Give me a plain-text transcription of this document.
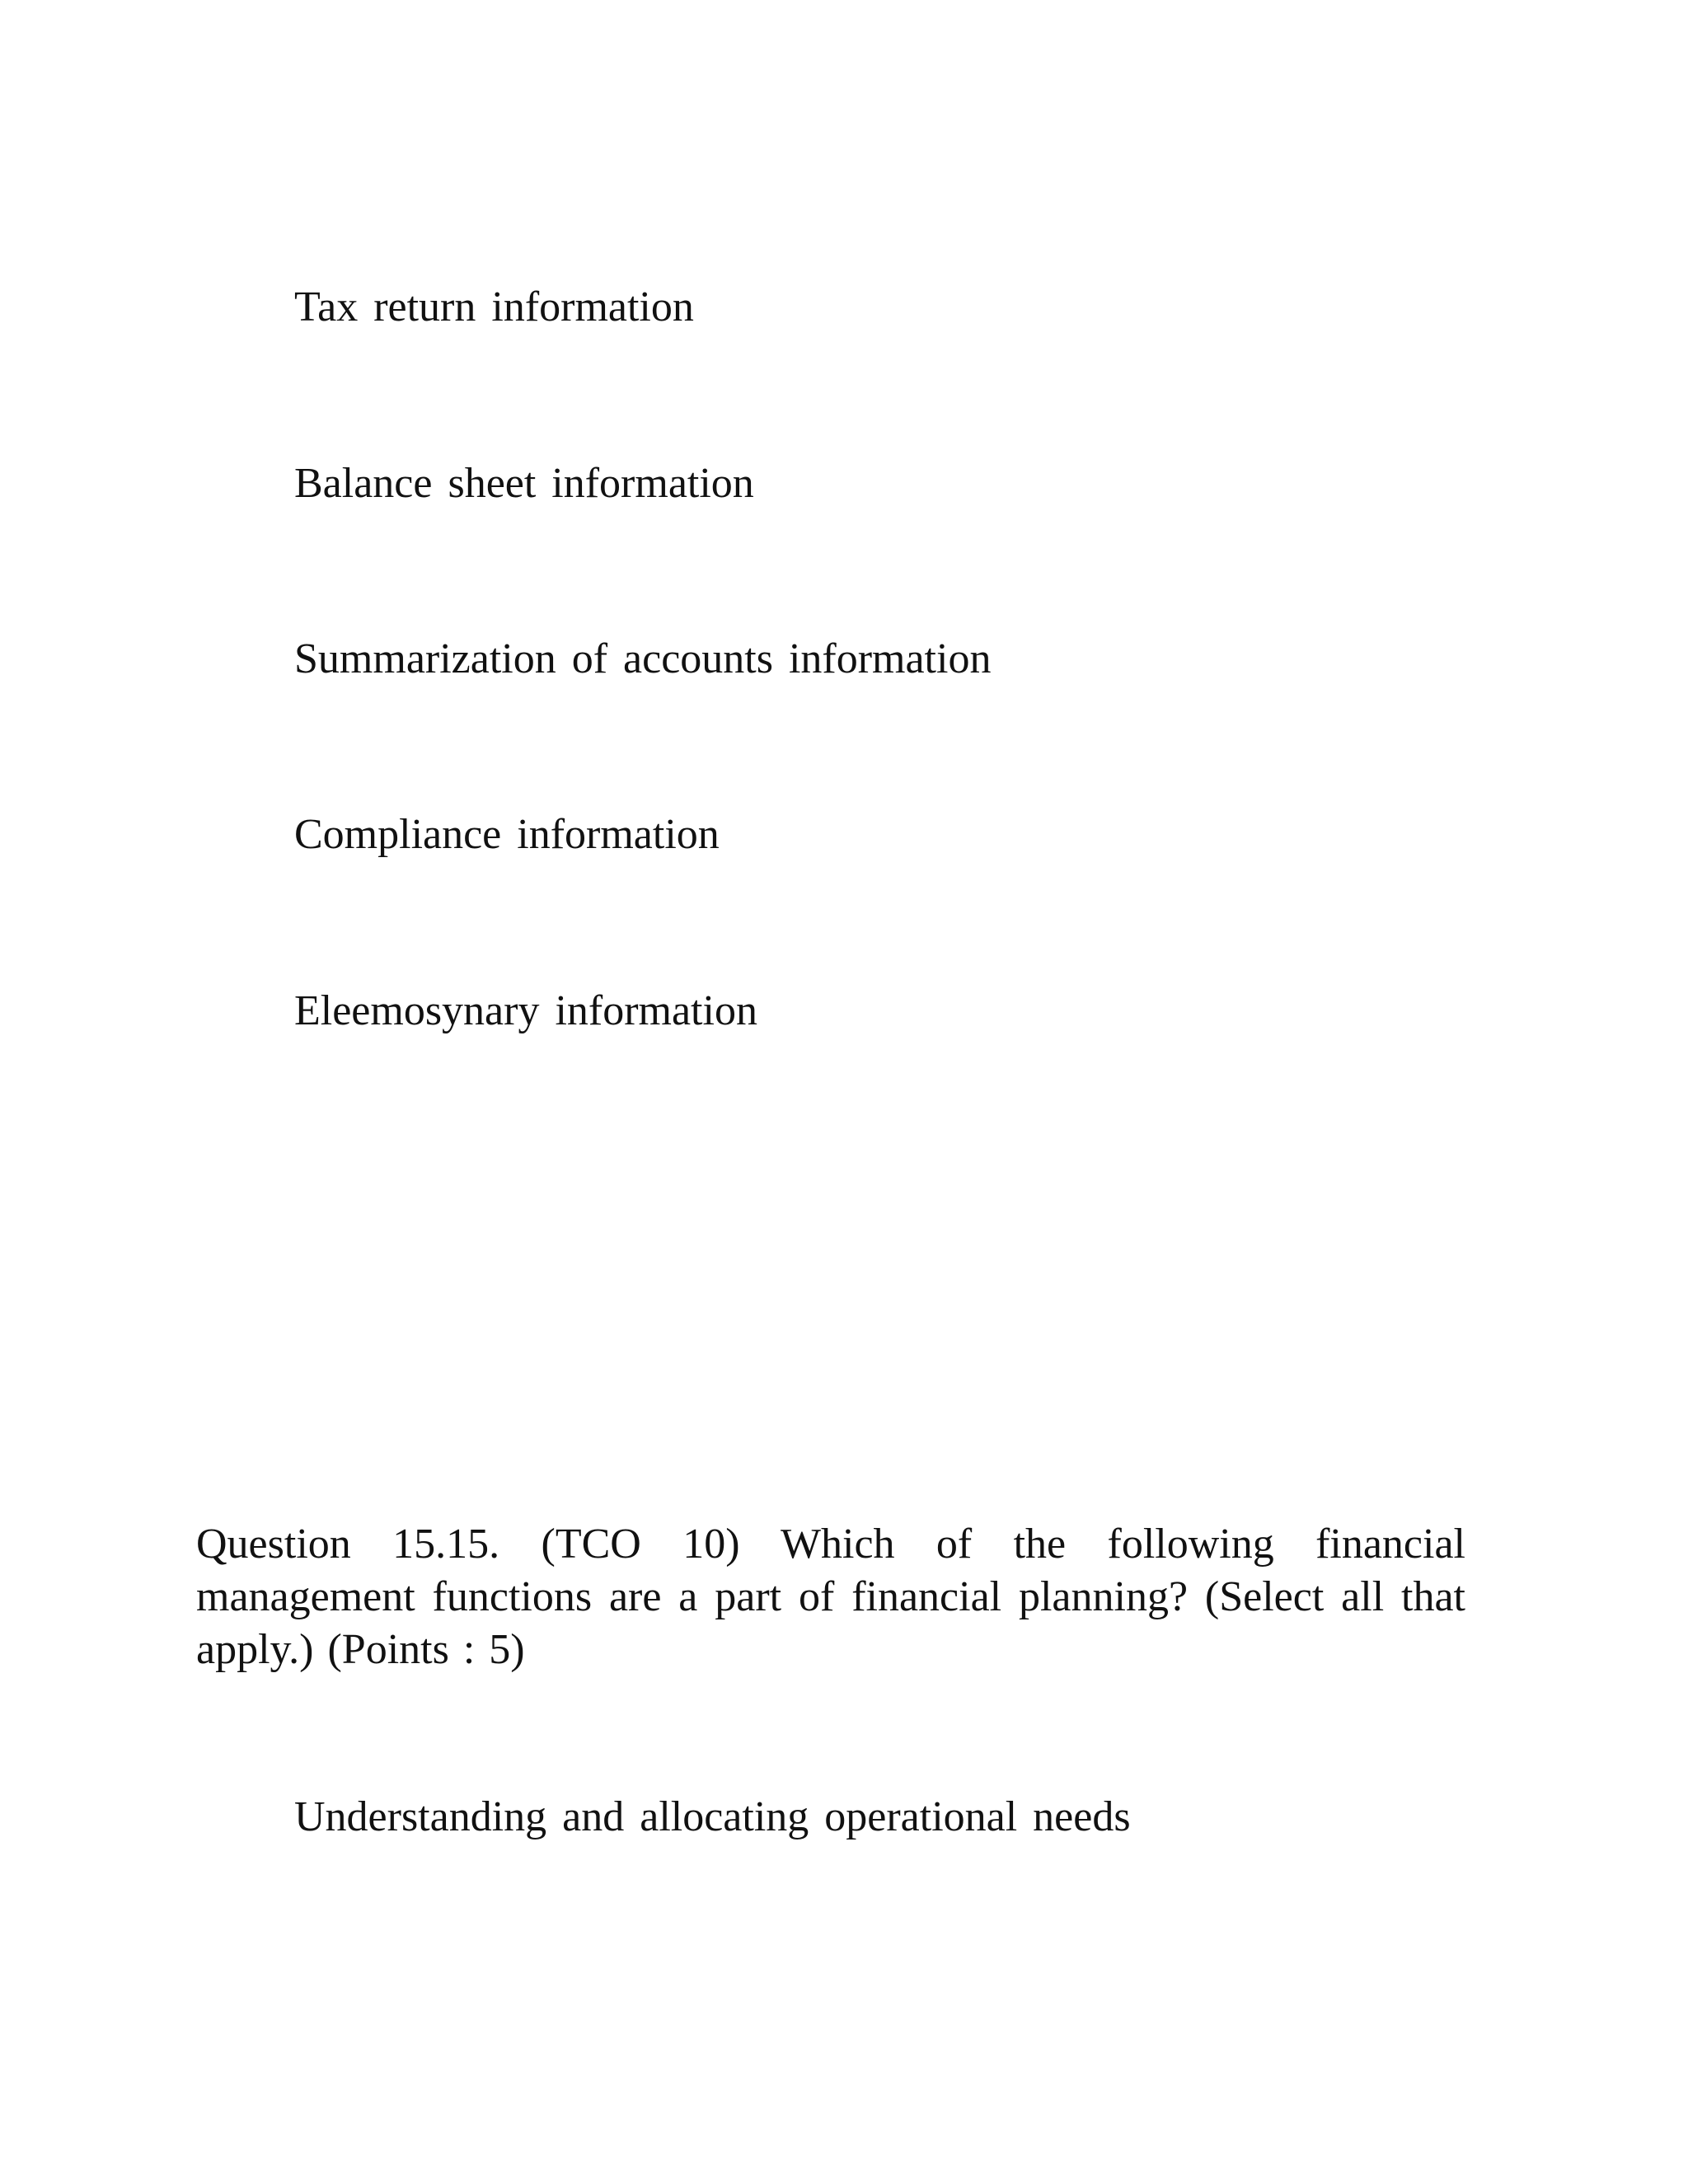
Tax return information
Balance sheet information
Summarization of accounts information
Compliance information
Eleemosynary information
Question 15.15. (TCO 10) Which of the following financial management functions are a part of financial planning? (Select all that apply.) (Points : 5)
Understanding and allocating operational needs
